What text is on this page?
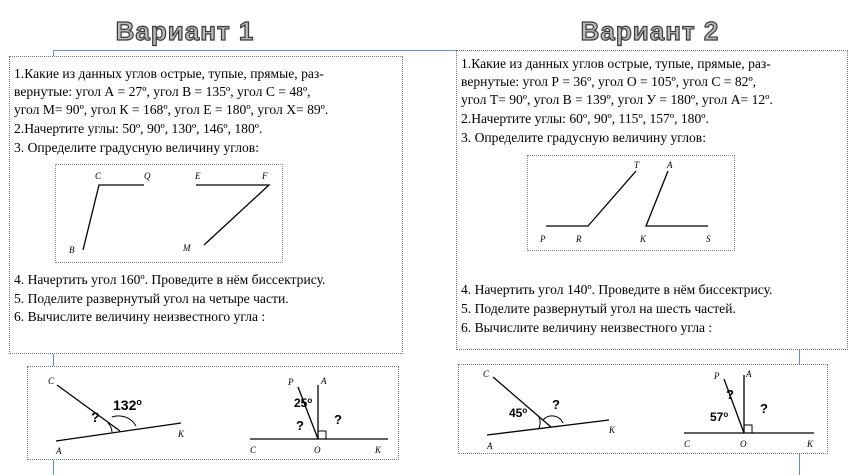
Вариант 1
1.Какие из данных углов острые, тупые, прямые, раз-
вернутые: угол А = 27º, угол В = 135º, угол С = 48º,
угол М= 90º, угол К = 168º, угол Е = 180º, угол Х= 89º.
2.Начертите углы: 50º, 90º, 130º, 146º, 180º.
3. Определите градусную величину углов:
C	Q
B
E	F
M
4. Начертить угол 160º. Проведите в нём биссектрису.
5. Поделите развернутый угол на четыре части.
6. Вычислите величину неизвестного угла :
C
A
K
?
$132^о$
P	A
C	O	K
$25^о$
? ?
Вариант 2
1.Какие из данных углов острые, тупые, прямые, раз-
вернутые: угол Р = 36º, угол О = 105º, угол С = 82º,
угол Т= 90º, угол В = 139º, угол У = 180º, угол А= 12º.
2.Начертите углы: 60º, 90º, 115º, 157º, 180º.
3. Определите градусную величину углов:
T	A
P	R	K	S
4. Начертить угол 140º. Проведите в нём биссектрису.
5. Поделите развернутый угол на шесть частей.
6. Вычислите величину неизвестного угла :
C
A
K
$45^о$ ?
P	A
C	O	K
$57^о$
?
?
